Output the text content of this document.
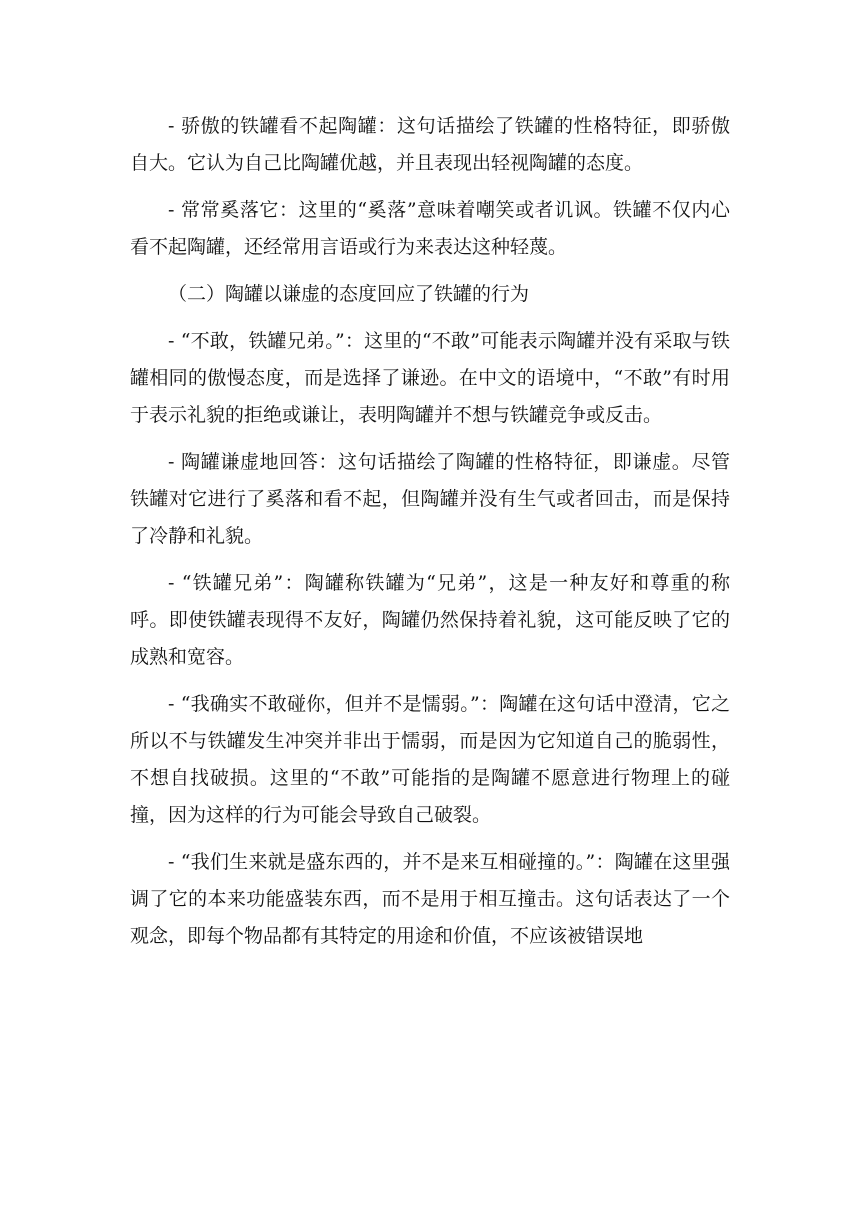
- 骄傲的铁罐看不起陶罐：这句话描绘了铁罐的性格特征，即骄傲自大。它认为自己比陶罐优越，并且表现出轻视陶罐的态度。

- 常常奚落它：这里的“奚落”意味着嘲笑或者讥讽。铁罐不仅内心看不起陶罐，还经常用言语或行为来表达这种轻蔑。

（二）陶罐以谦虚的态度回应了铁罐的行为

- “不敢，铁罐兄弟。”：这里的“不敢”可能表示陶罐并没有采取与铁罐相同的傲慢态度，而是选择了谦逊。在中文的语境中，“不敢”有时用于表示礼貌的拒绝或谦让，表明陶罐并不想与铁罐竞争或反击。

- 陶罐谦虚地回答：这句话描绘了陶罐的性格特征，即谦虚。尽管铁罐对它进行了奚落和看不起，但陶罐并没有生气或者回击，而是保持了冷静和礼貌。

- “铁罐兄弟”：陶罐称铁罐为“兄弟”，这是一种友好和尊重的称呼。即使铁罐表现得不友好，陶罐仍然保持着礼貌，这可能反映了它的成熟和宽容。

- “我确实不敢碰你，但并不是懦弱。”：陶罐在这句话中澄清，它之所以不与铁罐发生冲突并非出于懦弱，而是因为它知道自己的脆弱性，不想自找破损。这里的“不敢”可能指的是陶罐不愿意进行物理上的碰撞，因为这样的行为可能会导致自己破裂。

- “我们生来就是盛东西的，并不是来互相碰撞的。”：陶罐在这里强调了它的本来功能盛装东西，而不是用于相互撞击。这句话表达了一个观念，即每个物品都有其特定的用途和价值，不应该被错误地
